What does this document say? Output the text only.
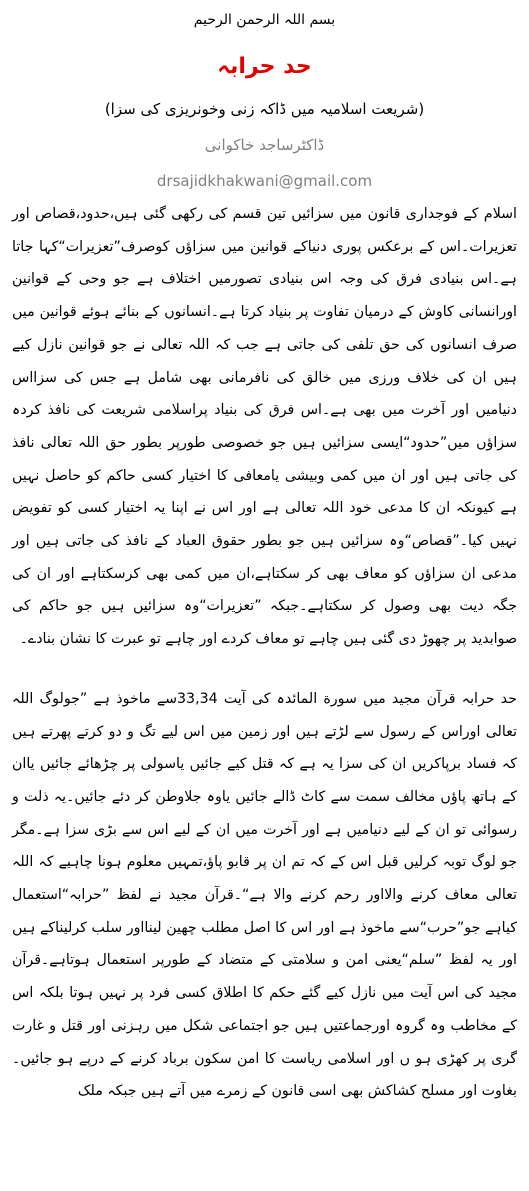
بسم اللہ الرحمن الرحیم
حد حرابہ
(شریعت اسلامیہ میں ڈاکہ زنی وخونریزی کی سزا)
ڈاکٹرساجد خاکوانی
drsajidkhakwani@gmail.com

اسلام کے فوجداری قانون میں سزائیں تین قسم کی رکھی گئی ہیں،حدود،قصاص اور تعزیرات۔اس کے برعکس پوری دنیاکے قوانین میں سزاؤں کوصرف”تعزیرات“کہا جاتا ہے۔اس بنیادی فرق کی وجہ اس بنیادی تصورمیں اختلاف ہے جو وحی کے قوانین اورانسانی کاوش کے درمیان تفاوت پر بنیاد کرتا ہے۔انسانوں کے بنائے ہوئے قوانین میں صرف انسانوں کی حق تلفی کی جاتی ہے جب کہ اللہ تعالی نے جو قوانین نازل کیے ہیں ان کی خلاف ورزی میں خالق کی نافرمانی بھی شامل ہے جس کی سزااس دنیامیں اور آخرت میں بھی ہے۔اس فرق کی بنیاد پراسلامی شریعت کی نافذ کردہ سزاؤں میں”حدود“ایسی سزائیں ہیں جو خصوصی طورپر بطور حق اللہ تعالی نافذ کی جاتی ہیں اور ان میں کمی وبیشی یامعافی کا اختیار کسی حاکم کو حاصل نہیں ہے کیونکہ ان کا مدعی خود اللہ تعالی ہے اور اس نے اپنا یہ اختیار کسی کو تفویض نہیں کیا۔”قصاص“وہ سزائیں ہیں جو بطور حقوق العباد کے نافذ کی جاتی ہیں اور مدعی ان سزاؤں کو معاف بھی کر سکتاہے،ان میں کمی بھی کرسکتاہے اور ان کی جگہ دیت بھی وصول کر سکتاہے۔جبکہ ”تعزیرات“وہ سزائیں ہیں جو حاکم کی صوابدید پر چھوڑ دی گئی ہیں چاہے تو معاف کردے اور چاہے تو عبرت کا نشان بنادے۔

حد حرابہ قرآن مجید میں سورة المائدہ کی آیت 33,34سے ماخوذ ہے ”جولوگ اللہ تعالی اوراس کے رسول سے لڑتے ہیں اور زمین میں اس لیے تگ و دو کرتے پھرتے ہیں کہ فساد برپاکریں ان کی سزا یہ ہے کہ قتل کیے جائیں یاسولی پر چڑھائے جائیں یاان کے ہاتھ پاؤں مخالف سمت سے کاٹ ڈالے جائیں یاوہ جلاوطن کر دئے جائیں۔یہ ذلت و رسوائی تو ان کے لیے دنیامیں ہے اور آخرت میں ان کے لیے اس سے بڑی سزا ہے۔مگر جو لوگ توبہ کرلیں قبل اس کے کہ تم ان پر قابو پاؤ،تمہیں معلوم ہونا چاہیے کہ اللہ تعالی معاف کرنے والااور رحم کرنے والا ہے“۔قرآن مجید نے لفظ ”حرابہ“استعمال کیاہے جو”حرب“سے ماخوذ ہے اور اس کا اصل مطلب چھین لینااور سلب کرلیناکے ہیں اور یہ لفظ ”سلم“یعنی امن و سلامتی کے متضاد کے طورپر استعمال ہوتاہے۔قرآن مجید کی اس آیت میں نازل کیے گئے حکم کا اطلاق کسی فرد پر نہیں ہوتا بلکہ اس کے مخاطب وہ گروہ اورجماعتیں ہیں جو اجتماعی شکل میں رہزنی اور قتل و غارت گری پر کھڑی ہو ں اور اسلامی ریاست کا امن سکون برباد کرنے کے درپے ہو جائیں۔بغاوت اور مسلح کشاکش بھی اسی قانون کے زمرے میں آتے ہیں جبکہ ملک
